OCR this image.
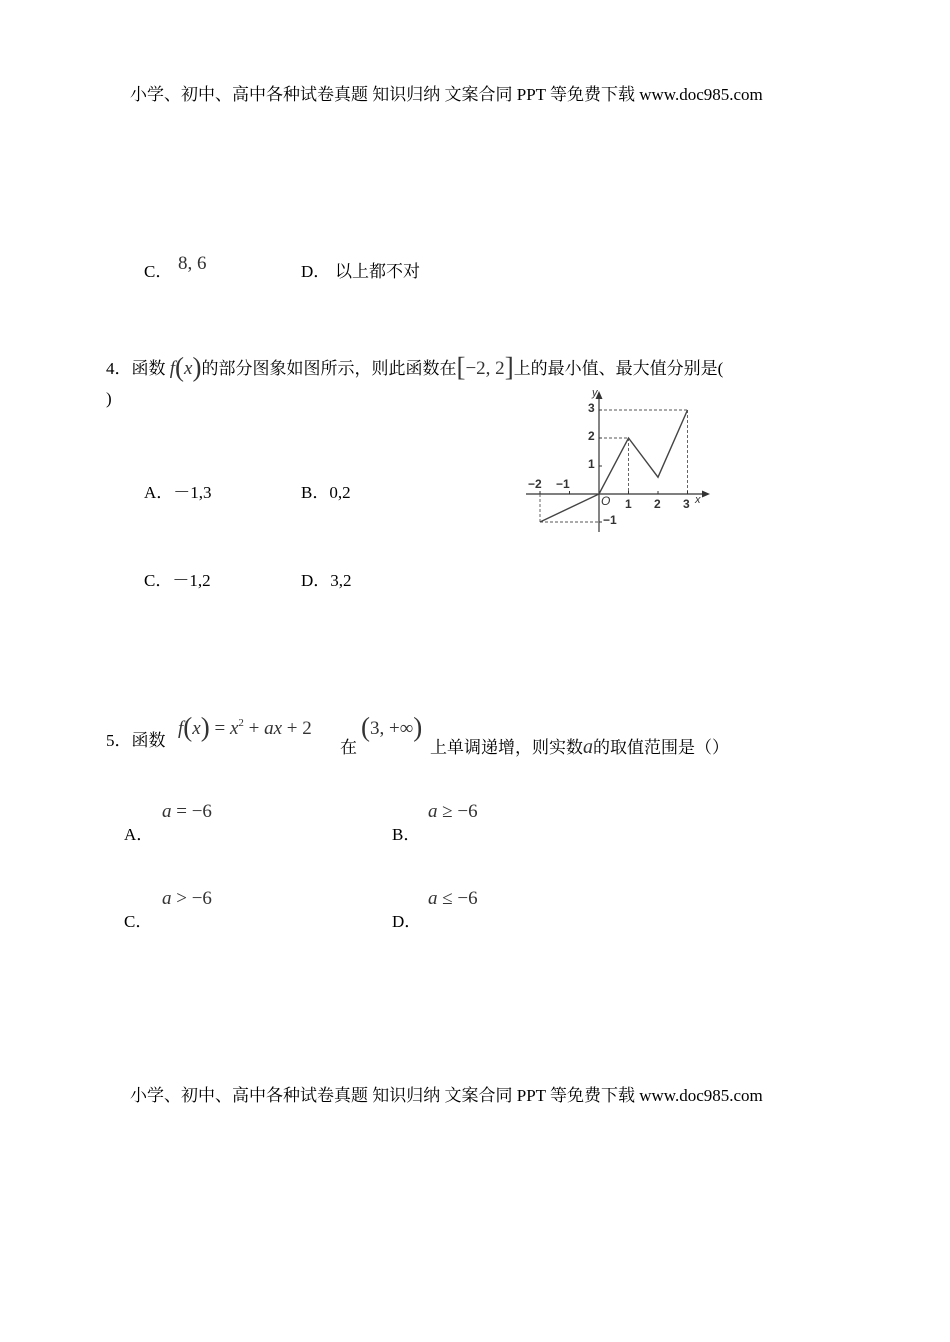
小学、初中、高中各种试卷真题 知识归纳 文案合同 PPT 等免费下载 www.doc985.com
C． 8, 6	D． 以上都不对
4．函数 f(x)的部分图象如图所示，则此函数在[−2, 2]上的最小值、最大值分别是(
)
A．－1,3	B．0,2
C．－1,2	D．3,2
y
x
O
−2 −1
1 2 3
3
2
1
−1
5．函数
$f(x) = x^2$ + ax + 2
在
(3, +∞)
上单调递增，则实数a的取值范围是（）
A．
a = −6
B．
a ≥ −6
C．
a > −6
D．
a ≤ −6
小学、初中、高中各种试卷真题 知识归纳 文案合同 PPT 等免费下载 www.doc985.com
